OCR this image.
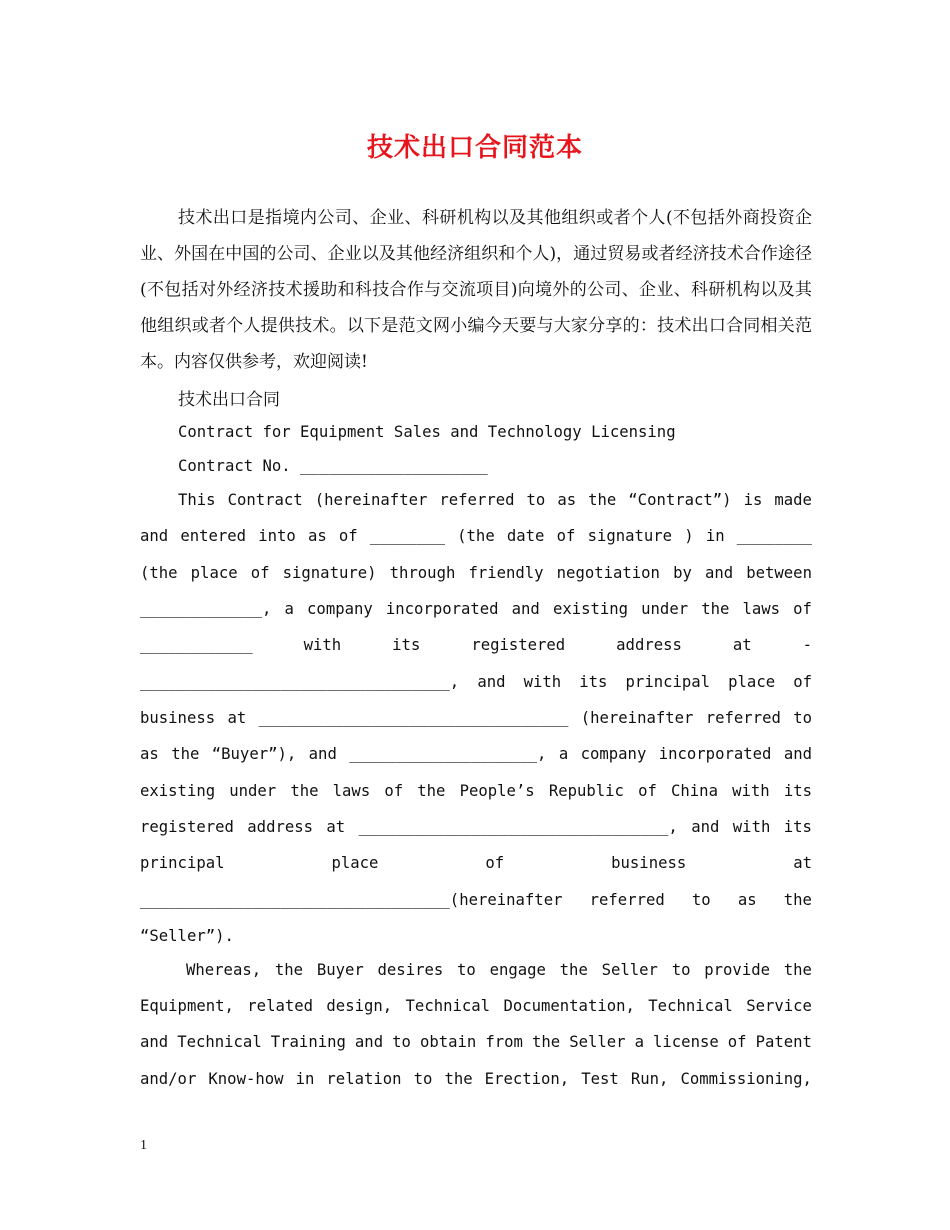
技术出口合同范本

技术出口是指境内公司、企业、科研机构以及其他组织或者个人(不包括外商投资企业、外国在中国的公司、企业以及其他经济组织和个人)，通过贸易或者经济技术合作途径(不包括对外经济技术援助和科技合作与交流项目)向境外的公司、企业、科研机构以及其他组织或者个人提供技术。以下是范文网小编今天要与大家分享的：技术出口合同相关范本。内容仅供参考，欢迎阅读!

技术出口合同

Contract for Equipment Sales and Technology Licensing
Contract No. ____________________
This Contract (hereinafter referred to as the “Contract”) is made
and entered into as of ________ (the date of signature ) in ________
(the place of signature) through friendly negotiation by and between
_____________, a company incorporated and existing under the laws of
____________	with	its	registered	address	at	-
_________________________________, and with its principal place of
business at _________________________________ (hereinafter referred to
as the “Buyer”), and ____________________, a company incorporated and
existing under the laws of the People’s Republic of China with its
registered address at _________________________________, and with its
principal	place	of	business	at
_________________________________(hereinafter referred to as the
“Seller”).
Whereas, the Buyer desires to engage the Seller to provide the
Equipment, related design, Technical Documentation, Technical Service
and Technical Training and to obtain from the Seller a license of Patent
and/or Know-how in relation to the Erection, Test Run, Commissioning,
1
